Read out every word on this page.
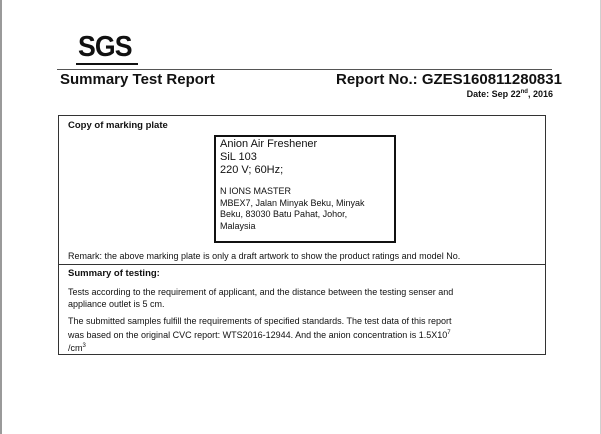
SGS
Summary Test Report	Report No.: GZES160811280831
Date: Sep 22nd, 2016
Copy of marking plate
Anion Air Freshener
SiL 103
220 V; 60Hz;
N IONS MASTER
MBEX7, Jalan Minyak Beku, Minyak
Beku, 83030 Batu Pahat, Johor,
Malaysia
Remark: the above marking plate is only a draft artwork to show the product ratings and model No.
Summary of testing:
Tests according to the requirement of applicant, and the distance between the testing senser and
appliance outlet is 5 cm.
The submitted samples fulfill the requirements of specified standards. The test data of this report
was based on the original CVC report: WTS2016-12944. And the anion concentration is $1.5X10^7$
$/cm^3$
